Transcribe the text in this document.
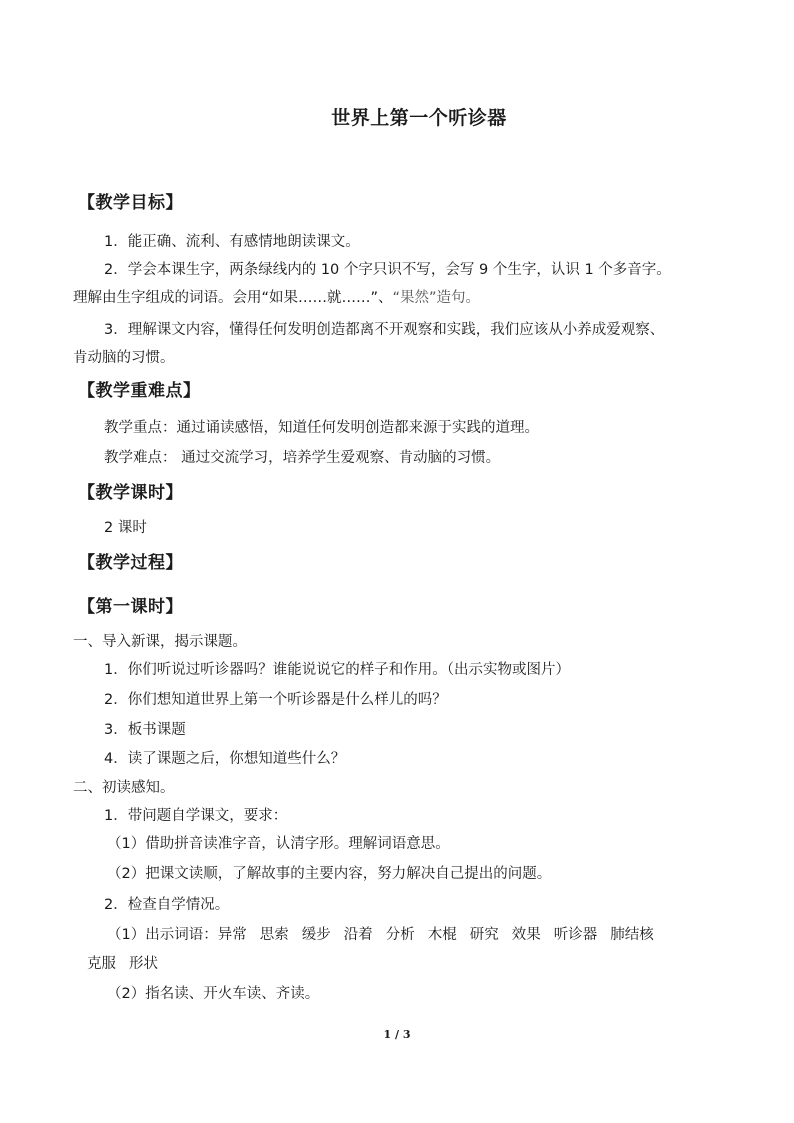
世界上第一个听诊器
【教学目标】
1．能正确、流利、有感情地朗读课文。
2．学会本课生字，两条绿线内的 10 个字只识不写，会写 9 个生字，认识 1 个多音字。
理解由生字组成的词语。会用“如果……就……”、“果然”造句。
3．理解课文内容，懂得任何发明创造都离不开观察和实践，我们应该从小养成爱观察、
肯动脑的习惯。
【教学重难点】
教学重点：通过诵读感悟，知道任何发明创造都来源于实践的道理。
教学难点： 通过交流学习，培养学生爱观察、肯动脑的习惯。
【教学课时】
2 课时
【教学过程】
【第一课时】
一、导入新课，揭示课题。
1．你们听说过听诊器吗？谁能说说它的样子和作用。（出示实物或图片）
2．你们想知道世界上第一个听诊器是什么样儿的吗？
3．板书课题
4．读了课题之后，你想知道些什么？
二、初读感知。
1．带问题自学课文，要求：
（1）借助拼音读准字音，认清字形。理解词语意思。
（2）把课文读顺，了解故事的主要内容，努力解决自己提出的问题。
2．检查自学情况。
（1）出示词语：异常 思索 缓步 沿着 分析 木棍 研究 效果 听诊器 肺结核
克服 形状
（2）指名读、开火车读、齐读。
1 / 3
